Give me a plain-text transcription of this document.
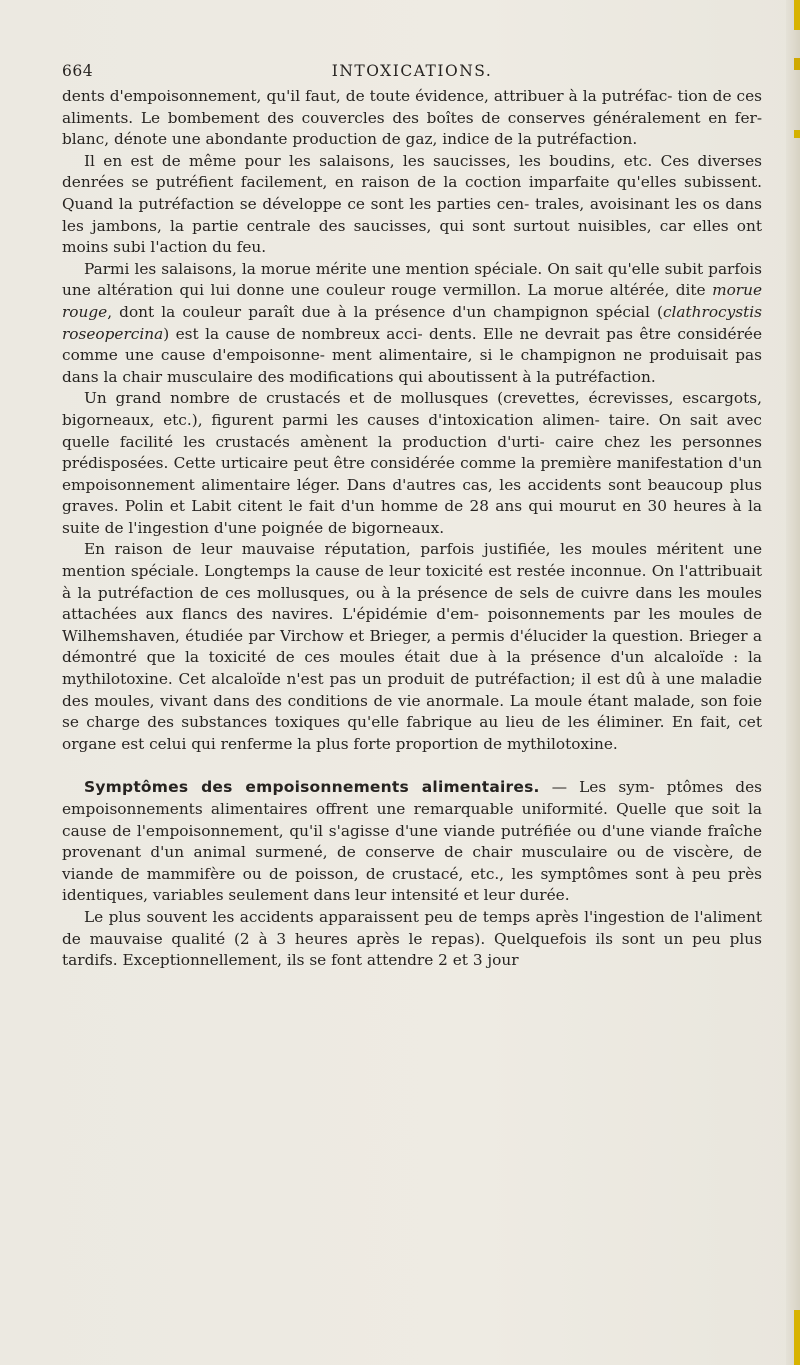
664	INTOXICATIONS.

dents d'empoisonnement, qu'il faut, de toute évidence, attribuer à la putréfac- tion de ces aliments. Le bombement des couvercles des boîtes de conserves généralement en fer-blanc, dénote une abondante production de gaz, indice de la putréfaction.

Il en est de même pour les salaisons, les saucisses, les boudins, etc. Ces diverses denrées se putréfient facilement, en raison de la coction imparfaite qu'elles subissent. Quand la putréfaction se développe ce sont les parties cen- trales, avoisinant les os dans les jambons, la partie centrale des saucisses, qui sont surtout nuisibles, car elles ont moins subi l'action du feu.

Parmi les salaisons, la morue mérite une mention spéciale. On sait qu'elle subit parfois une altération qui lui donne une couleur rouge vermillon. La morue altérée, dite morue rouge, dont la couleur paraît due à la présence d'un champignon spécial (clathrocystis roseopercina) est la cause de nombreux acci- dents. Elle ne devrait pas être considérée comme une cause d'empoisonne- ment alimentaire, si le champignon ne produisait pas dans la chair musculaire des modifications qui aboutissent à la putréfaction.

Un grand nombre de crustacés et de mollusques (crevettes, écrevisses, escargots, bigorneaux, etc.), figurent parmi les causes d'intoxication alimen- taire. On sait avec quelle facilité les crustacés amènent la production d'urti- caire chez les personnes prédisposées. Cette urticaire peut être considérée comme la première manifestation d'un empoisonnement alimentaire léger. Dans d'autres cas, les accidents sont beaucoup plus graves. Polin et Labit citent le fait d'un homme de 28 ans qui mourut en 30 heures à la suite de l'ingestion d'une poignée de bigorneaux.

En raison de leur mauvaise réputation, parfois justifiée, les moules méritent une mention spéciale. Longtemps la cause de leur toxicité est restée inconnue. On l'attribuait à la putréfaction de ces mollusques, ou à la présence de sels de cuivre dans les moules attachées aux flancs des navires. L'épidémie d'em- poisonnements par les moules de Wilhemshaven, étudiée par Virchow et Brieger, a permis d'élucider la question. Brieger a démontré que la toxicité de ces moules était due à la présence d'un alcaloïde : la mythilotoxine. Cet alcaloïde n'est pas un produit de putréfaction; il est dû à une maladie des moules, vivant dans des conditions de vie anormale. La moule étant malade, son foie se charge des substances toxiques qu'elle fabrique au lieu de les éliminer. En fait, cet organe est celui qui renferme la plus forte proportion de mythilotoxine.

Symptômes des empoisonnements alimentaires. — Les sym- ptômes des empoisonnements alimentaires offrent une remarquable uniformité. Quelle que soit la cause de l'empoisonnement, qu'il s'agisse d'une viande putréfiée ou d'une viande fraîche provenant d'un animal surmené, de conserve de chair musculaire ou de viscère, de viande de mammifère ou de poisson, de crustacé, etc., les symptômes sont à peu près identiques, variables seulement dans leur intensité et leur durée.

Le plus souvent les accidents apparaissent peu de temps après l'ingestion de l'aliment de mauvaise qualité (2 à 3 heures après le repas). Quelquefois ils sont un peu plus tardifs. Exceptionnellement, ils se font attendre 2 et 3 jour
